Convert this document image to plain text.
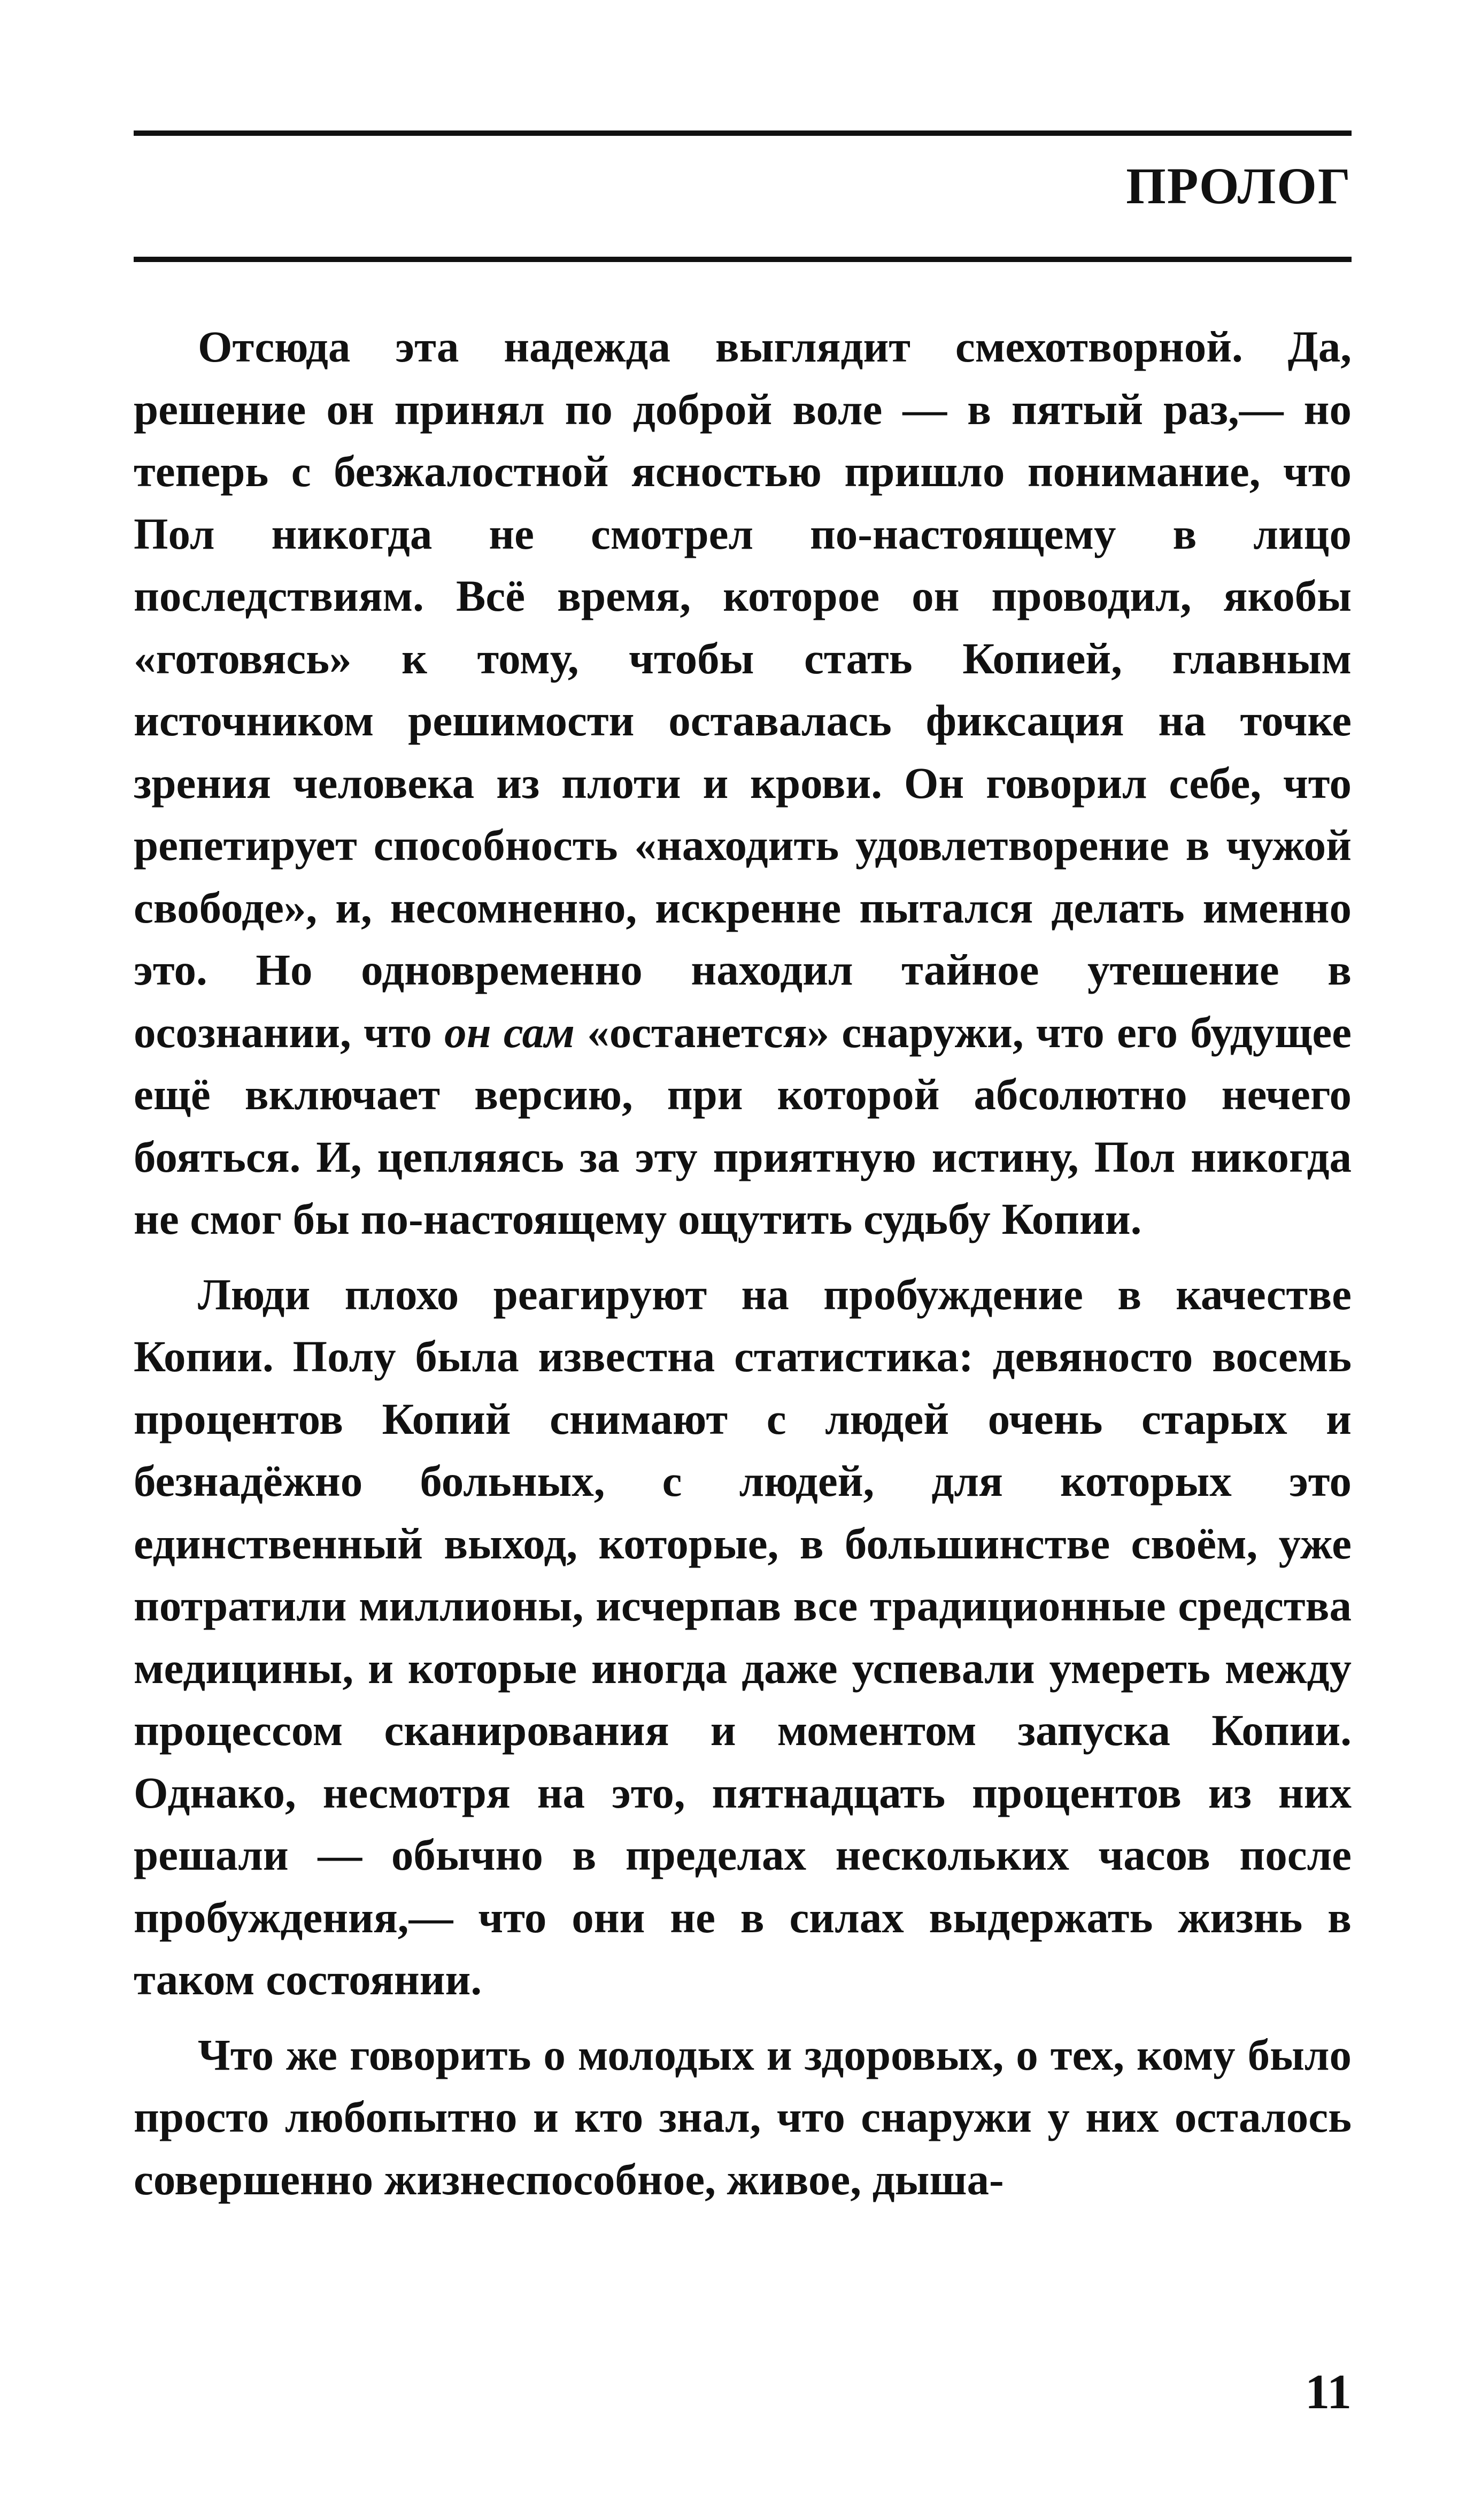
ПРОЛОГ

Отсюда эта надежда выглядит смехотворной. Да, решение он принял по доброй воле — в пятый раз,— но теперь с безжалостной ясностью пришло понимание, что Пол никогда не смотрел по-настоящему в лицо последствиям. Всё время, которое он проводил, якобы «готовясь» к тому, чтобы стать Копией, главным источником решимости оставалась фиксация на точке зрения человека из плоти и крови. Он говорил себе, что репетирует способность «находить удовлетворение в чужой свободе», и, несомненно, искренне пытался делать именно это. Но одновременно находил тайное утешение в осознании, что он сам «останется» снаружи, что его будущее ещё включает версию, при которой абсолютно нечего бояться. И, цепляясь за эту приятную истину, Пол никогда не смог бы по-настоящему ощутить судьбу Копии.

Люди плохо реагируют на пробуждение в качестве Копии. Полу была известна статистика: девяносто восемь процентов Копий снимают с людей очень старых и безнадёжно больных, с людей, для которых это единственный выход, которые, в большинстве своём, уже потратили миллионы, исчерпав все традиционные средства медицины, и которые иногда даже успевали умереть между процессом сканирования и моментом запуска Копии. Однако, несмотря на это, пятнадцать процентов из них решали — обычно в пределах нескольких часов после пробуждения,— что они не в силах выдержать жизнь в таком состоянии.

Что же говорить о молодых и здоровых, о тех, кому было просто любопытно и кто знал, что снаружи у них осталось совершенно жизнеспособное, живое, дыша-

11
